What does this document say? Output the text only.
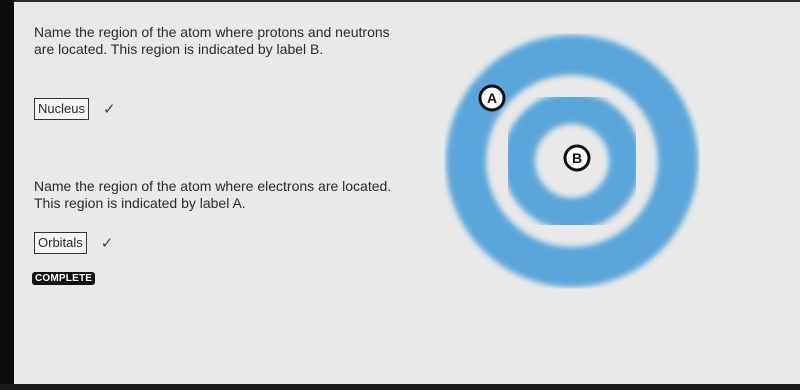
Name the region of the atom where protons and neutrons are located. This region is indicated by label B.

Nucleus ✓

Name the region of the atom where electrons are located. This region is indicated by label A.

Orbitals ✓
COMPLETE
A
B
